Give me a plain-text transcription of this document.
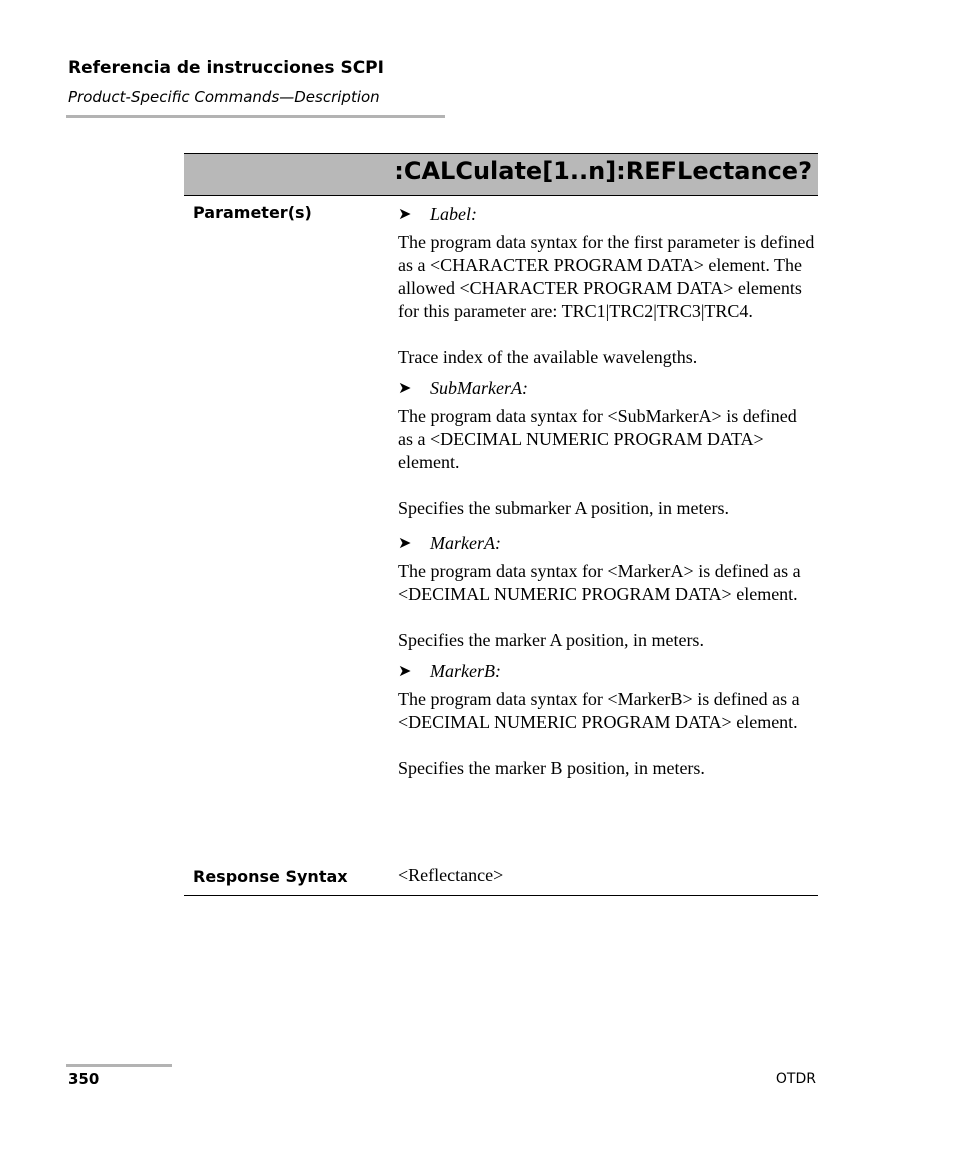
Referencia de instrucciones SCPI
Product-Specific Commands—Description
:CALCulate[1..n]:REFLectance?
Parameter(s)	➤	Label:

The program data syntax for the first parameter is defined as a <CHARACTER PROGRAM DATA> element. The allowed <CHARACTER PROGRAM DATA> elements for this parameter are: TRC1|TRC2|TRC3|TRC4.

Trace index of the available wavelengths.

➤	SubMarkerA:

The program data syntax for <SubMarkerA> is defined as a <DECIMAL NUMERIC PROGRAM DATA> element.

Specifies the submarker A position, in meters.

➤	MarkerA:

The program data syntax for <MarkerA> is defined as a <DECIMAL NUMERIC PROGRAM DATA> element.

Specifies the marker A position, in meters.

➤	MarkerB:

The program data syntax for <MarkerB> is defined as a <DECIMAL NUMERIC PROGRAM DATA> element.

Specifies the marker B position, in meters.

Response Syntax	<Reflectance>
350	OTDR
